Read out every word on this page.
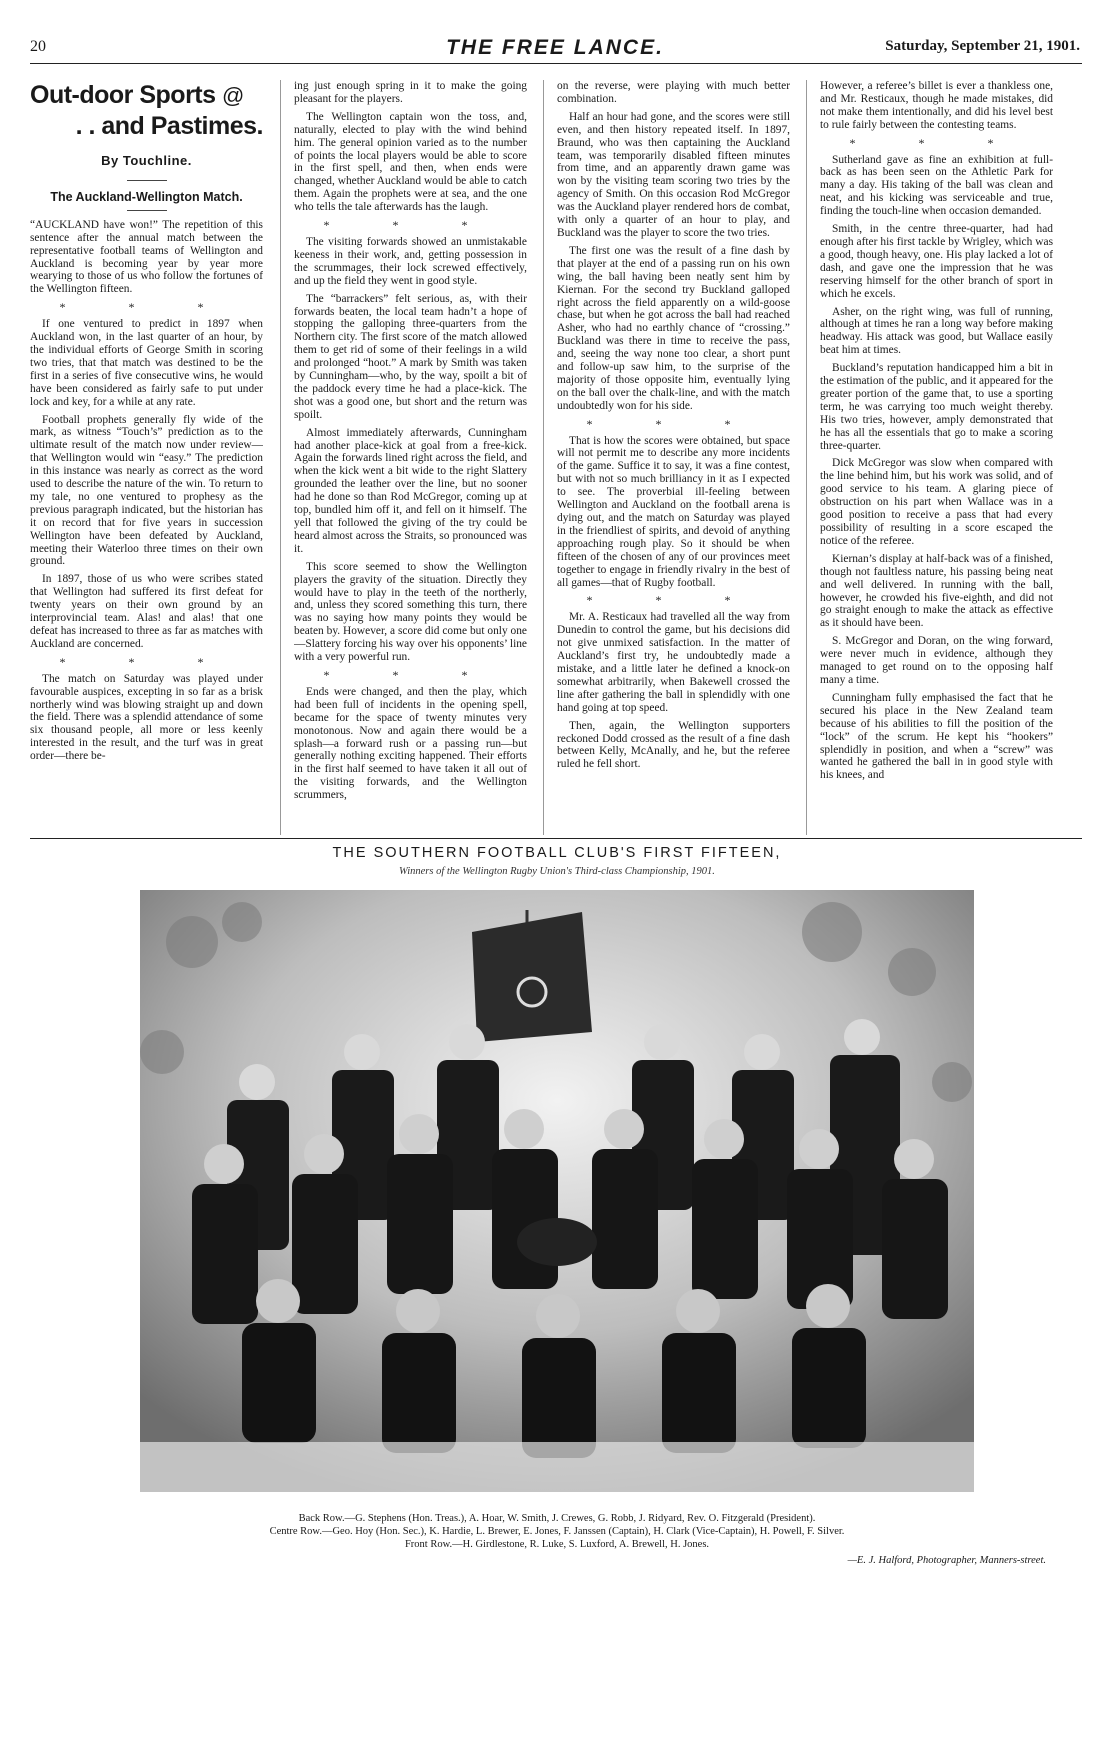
20	THE FREE LANCE.	Saturday, September 21, 1901.
Out-door Sports @
. . and Pastimes.
By Touchline.
The Auckland-Wellington Match.

“AUCKLAND have won!” The repetition of this sentence after the annual match between the representative football teams of Wellington and Auckland is becoming year by year more wearying to those of us who follow the fortunes of the Wellington fifteen.

* * *

If one ventured to predict in 1897 when Auckland won, in the last quarter of an hour, by the individual efforts of George Smith in scoring two tries, that that match was destined to be the first in a series of five consecutive wins, he would have been considered as fairly safe to put under lock and key, for a while at any rate.

Football prophets generally fly wide of the mark, as witness “Touch’s” prediction as to the ultimate result of the match now under review—that Wellington would win “easy.” The prediction in this instance was nearly as correct as the word used to describe the nature of the win. To return to my tale, no one ventured to prophesy as the previous paragraph indicated, but the historian has it on record that for five years in succession Wellington have been defeated by Auckland, meeting their Waterloo three times on their own ground.

In 1897, those of us who were scribes stated that Wellington had suffered its first defeat for twenty years on their own ground by an interprovincial team. Alas! and alas! that one defeat has increased to three as far as matches with Auckland are concerned.

* * *

The match on Saturday was played under favourable auspices, excepting in so far as a brisk northerly wind was blowing straight up and down the field. There was a splendid attendance of some six thousand people, all more or less keenly interested in the result, and the turf was in great order—there be-

ing just enough spring in it to make the going pleasant for the players.

The Wellington captain won the toss, and, naturally, elected to play with the wind behind him. The general opinion varied as to the number of points the local players would be able to score in the first spell, and then, when ends were changed, whether Auckland would be able to catch them. Again the prophets were at sea, and the one who tells the tale afterwards has the laugh.

* * *

The visiting forwards showed an unmistakable keeness in their work, and, getting possession in the scrummages, their lock screwed effectively, and up the field they went in good style.

The “barrackers” felt serious, as, with their forwards beaten, the local team hadn’t a hope of stopping the galloping three-quarters from the Northern city. The first score of the match allowed them to get rid of some of their feelings in a wild and prolonged “hoot.” A mark by Smith was taken by Cunningham—who, by the way, spoilt a bit of the paddock every time he had a place-kick. The shot was a good one, but short and the return was spoilt.

Almost immediately afterwards, Cunningham had another place-kick at goal from a free-kick. Again the forwards lined right across the field, and when the kick went a bit wide to the right Slattery grounded the leather over the line, but no sooner had he done so than Rod McGregor, coming up at top, bundled him off it, and fell on it himself. The yell that followed the giving of the try could be heard almost across the Straits, so pronounced was it.

This score seemed to show the Wellington players the gravity of the situation. Directly they would have to play in the teeth of the northerly, and, unless they scored something this turn, there was no saying how many points they would be beaten by. However, a score did come but only one—Slattery forcing his way over his opponents’ line with a very powerful run.

* * *

Ends were changed, and then the play, which had been full of incidents in the opening spell, became for the space of twenty minutes very monotonous. Now and again there would be a splash—a forward rush or a passing run—but generally nothing exciting happened. Their efforts in the first half seemed to have taken it all out of the visiting forwards, and the Wellington scrummers,

on the reverse, were playing with much better combination.

Half an hour had gone, and the scores were still even, and then history repeated itself. In 1897, Braund, who was then captaining the Auckland team, was temporarily disabled fifteen minutes from time, and an apparently drawn game was won by the visiting team scoring two tries by the agency of Smith. On this occasion Rod McGregor was the Auckland player rendered hors de combat, with only a quarter of an hour to play, and Buckland was the player to score the two tries.

The first one was the result of a fine dash by that player at the end of a passing run on his own wing, the ball having been neatly sent him by Kiernan. For the second try Buckland galloped right across the field apparently on a wild-goose chase, but when he got across the ball had reached Asher, who had no earthly chance of “crossing.” Buckland was there in time to receive the pass, and, seeing the way none too clear, a short punt and follow-up saw him, to the surprise of the majority of those opposite him, eventually lying on the ball over the chalk-line, and with the match undoubtedly won for his side.

* * *

That is how the scores were obtained, but space will not permit me to describe any more incidents of the game. Suffice it to say, it was a fine contest, but with not so much brilliancy in it as I expected to see. The proverbial ill-feeling between Wellington and Auckland on the football arena is dying out, and the match on Saturday was played in the friendliest of spirits, and devoid of anything approaching rough play. So it should be when fifteen of the chosen of any of our provinces meet together to engage in friendly rivalry in the best of all games—that of Rugby football.

* * *

Mr. A. Resticaux had travelled all the way from Dunedin to control the game, but his decisions did not give unmixed satisfaction. In the matter of Auckland’s first try, he undoubtedly made a mistake, and a little later he defined a knock-on somewhat arbitrarily, when Bakewell crossed the line after gathering the ball in splendidly with one hand going at top speed.

Then, again, the Wellington supporters reckoned Dodd crossed as the result of a fine dash between Kelly, McAnally, and he, but the referee ruled he fell short.

However, a referee’s billet is ever a thankless one, and Mr. Resticaux, though he made mistakes, did not make them intentionally, and did his level best to rule fairly between the contesting teams.

* * *

Sutherland gave as fine an exhibition at full-back as has been seen on the Athletic Park for many a day. His taking of the ball was clean and neat, and his kicking was serviceable and true, finding the touch-line when occasion demanded.

Smith, in the centre three-quarter, had had enough after his first tackle by Wrigley, which was a good, though heavy, one. His play lacked a lot of dash, and gave one the impression that he was reserving himself for the other branch of sport in which he excels.

Asher, on the right wing, was full of running, although at times he ran a long way before making headway. His attack was good, but Wallace easily beat him at times.

Buckland’s reputation handicapped him a bit in the estimation of the public, and it appeared for the greater portion of the game that, to use a sporting term, he was carrying too much weight thereby. His two tries, however, amply demonstrated that he has all the essentials that go to make a scoring three-quarter.

Dick McGregor was slow when compared with the line behind him, but his work was solid, and of good service to his team. A glaring piece of obstruction on his part when Wallace was in a good position to receive a pass that had every possibility of resulting in a score escaped the notice of the referee.

Kiernan’s display at half-back was of a finished, though not faultless nature, his passing being neat and well delivered. In running with the ball, however, he crowded his five-eighth, and did not go straight enough to make the attack as effective as it should have been.

S. McGregor and Doran, on the wing forward, were never much in evidence, although they managed to get round on to the opposing half many a time.

Cunningham fully emphasised the fact that he secured his place in the New Zealand team because of his abilities to fill the position of the “lock” of the scrum. He kept his “hookers” splendidly in position, and when a “screw” was wanted he gathered the ball in in good style with his knees, and

THE SOUTHERN FOOTBALL CLUB'S FIRST FIFTEEN,
Winners of the Wellington Rugby Union's Third-class Championship, 1901.
Back Row.—G. Stephens (Hon. Treas.), A. Hoar, W. Smith, J. Crewes, G. Robb, J. Ridyard, Rev. O. Fitzgerald (President).
Centre Row.—Geo. Hoy (Hon. Sec.), K. Hardie, L. Brewer, E. Jones, F. Janssen (Captain), H. Clark (Vice-Captain), H. Powell, F. Silver.
Front Row.—H. Girdlestone, R. Luke, S. Luxford, A. Brewell, H. Jones.
—E. J. Halford, Photographer, Manners-street.
